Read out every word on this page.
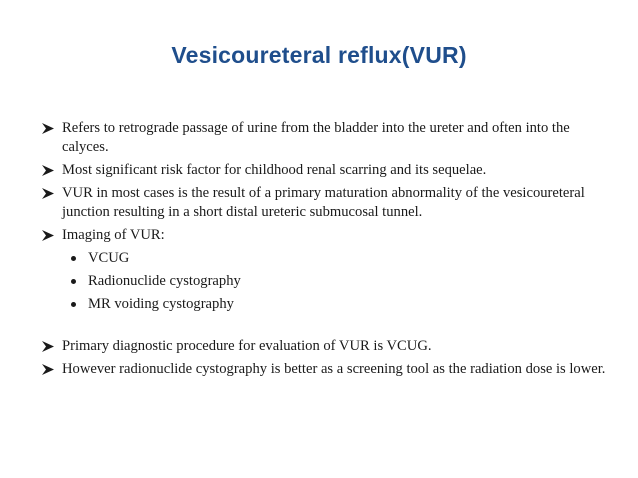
Vesicoureteral reflux(VUR)
Refers to retrograde passage of urine from the bladder into the ureter and often into the calyces.
Most significant risk factor for childhood renal scarring and its sequelae.
VUR in most cases is the result of a primary maturation abnormality of the vesicoureteral junction resulting in a short distal ureteric submucosal tunnel.
Imaging of VUR:
VCUG
Radionuclide cystography
MR voiding cystography
Primary diagnostic procedure for evaluation of VUR is VCUG.
However radionuclide cystography is better as a screening tool as the radiation dose is lower.
